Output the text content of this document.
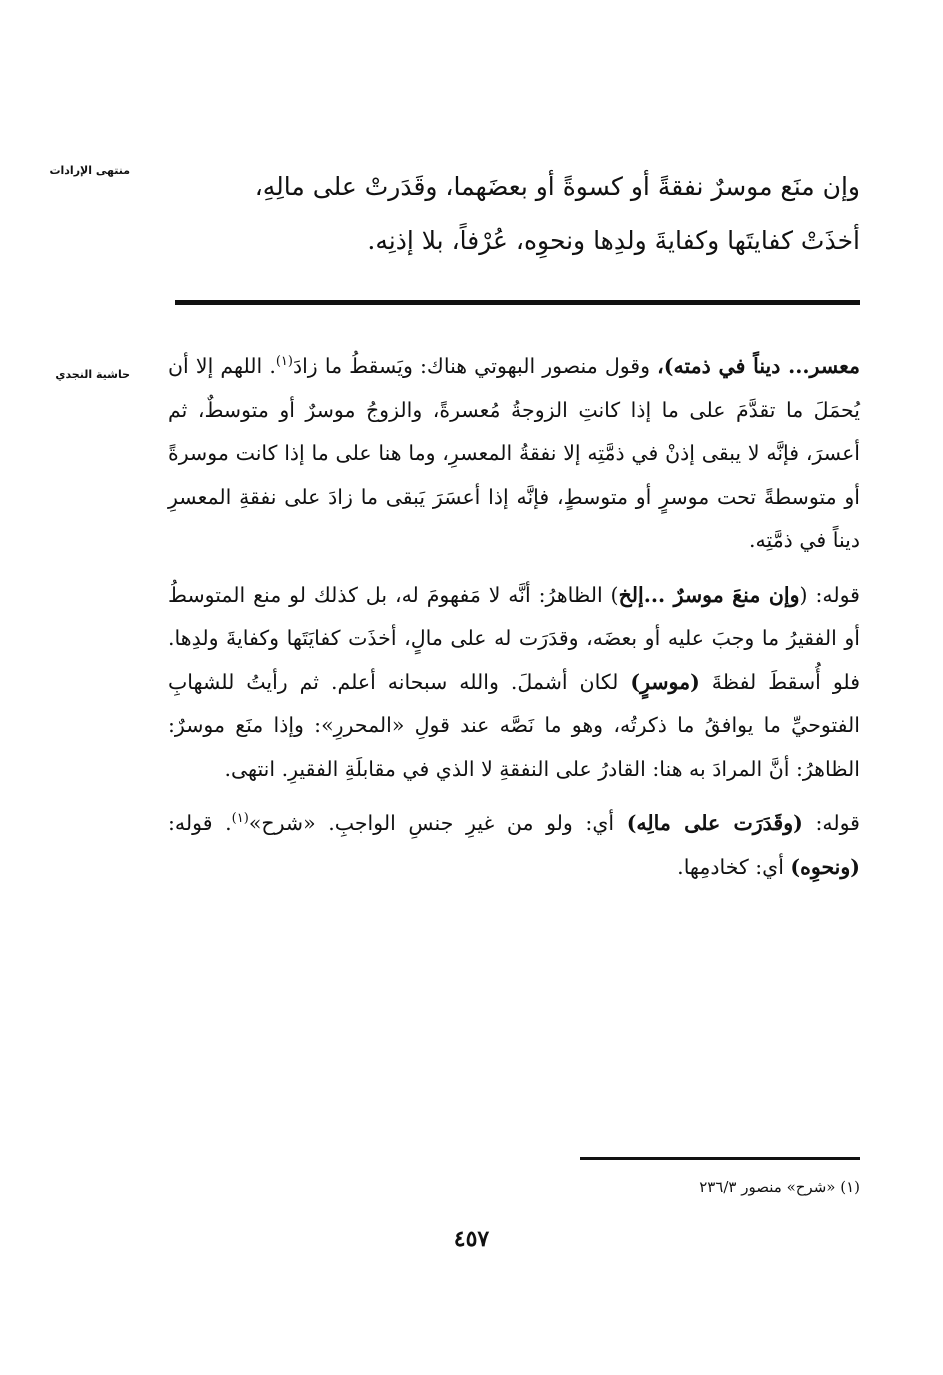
منتهى الإرادات
وإن منَع موسرٌ نفقةً أو كسوةً أو بعضَهما، وقَدَرتْ على مالِهِ،
أخذَتْ كفايتَها وكفايةَ ولدِها ونحوِه، عُرْفاً، بلا إذنِه.
حاشية النجدي	معسر... ديناً في ذمته)، وقول منصور البهوتي هناك: ويَسقطُ ما زادَ$^{(١)}$. اللهم إلا أن يُحمَلَ ما تقدَّمَ على ما إذا كانتِ الزوجةُ مُعسرةً، والزوجُ موسرٌ أو متوسطٌ، ثم أعسرَ، فإنَّه لا يبقى إذنْ في ذمَّتِه إلا نفقةُ المعسرِ، وما هنا على ما إذا كانت موسرةً أو متوسطةً تحت موسرٍ أو متوسطٍ، فإنَّه إذا أعسَرَ يَبقى ما زادَ على نفقةِ المعسرِ ديناً في ذمَّتِه.

قوله: (وإن منعَ موسرٌ ...إلخ) الظاهرُ: أنَّه لا مَفهومَ له، بل كذلك لو منع المتوسطُ أو الفقيرُ ما وجبَ عليه أو بعضَه، وقدَرَت له على مالٍ، أخذَت كفايَتَها وكفايةَ ولدِها. فلو أُسقطَ لفظةَ (موسرٍ) لكان أشملَ. والله سبحانه أعلم. ثم رأيتُ للشهابِ الفتوحيِّ ما يوافقُ ما ذكرتُه، وهو ما نَصَّه عند قولِ «المحررِ»: وإذا منَع موسرٌ: الظاهرُ: أنَّ المرادَ به هنا: القادرُ على النفقةِ لا الذي في مقابلَةِ الفقيرِ. انتهى.

قوله: (وقَدَرَت على مالِه) أي: ولو من غيرِ جنسِ الواجبِ. «شرح»$^{(١)}$. قوله: (ونحوِه) أي: كخادمِها.

(١) «شرح» منصور ٢٣٦/٣
٤٥٧
